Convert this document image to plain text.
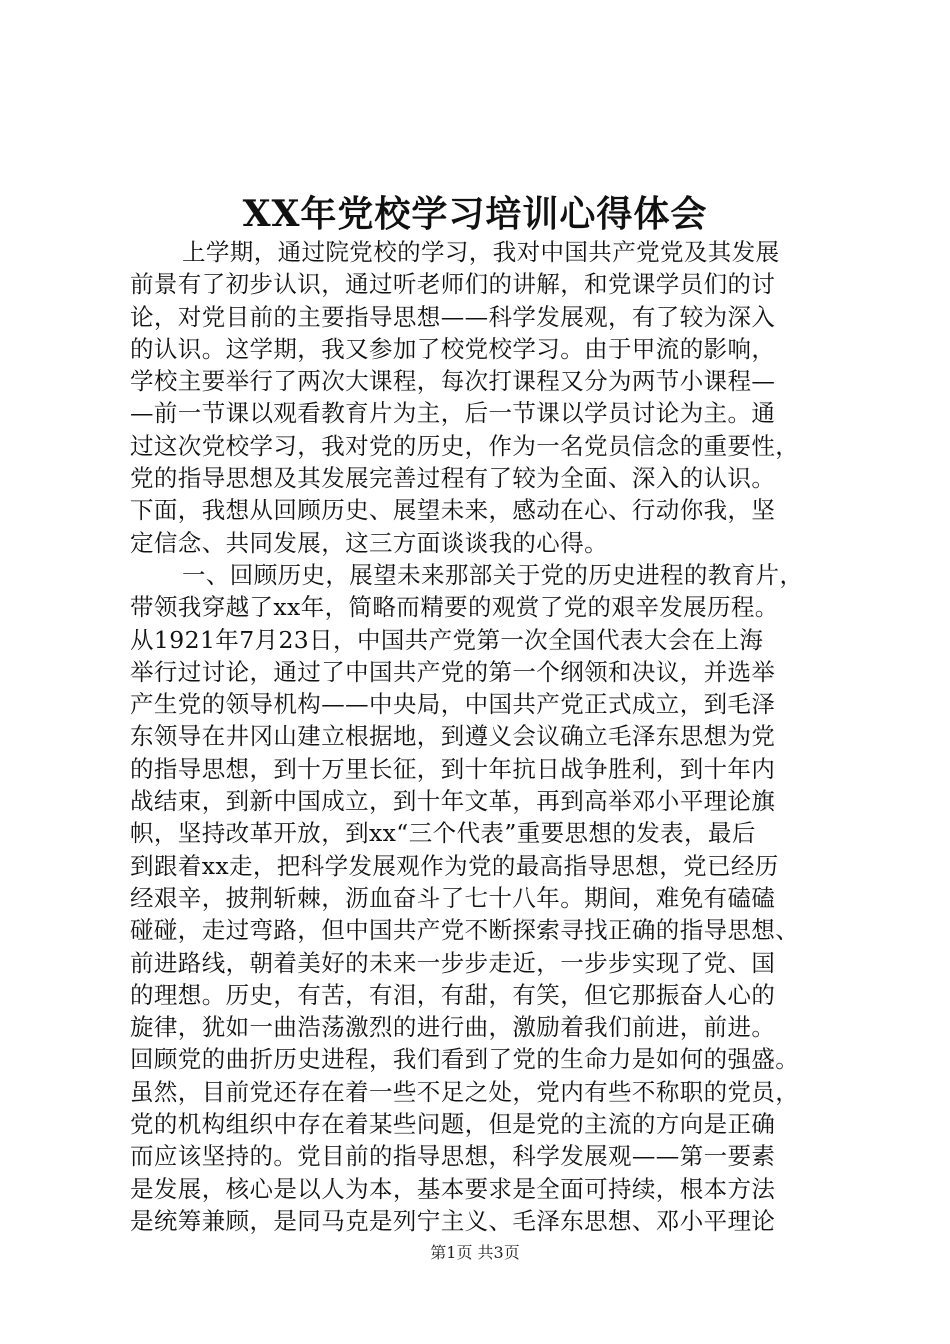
XX年党校学习培训心得体会
上学期，通过院党校的学习，我对中国共产党党及其发展
前景有了初步认识，通过听老师们的讲解，和党课学员们的讨
论，对党目前的主要指导思想——科学发展观，有了较为深入
的认识。这学期，我又参加了校党校学习。由于甲流的影响，
学校主要举行了两次大课程，每次打课程又分为两节小课程—
—前一节课以观看教育片为主，后一节课以学员讨论为主。通
过这次党校学习，我对党的历史，作为一名党员信念的重要性，
党的指导思想及其发展完善过程有了较为全面、深入的认识。
下面，我想从回顾历史、展望未来，感动在心、行动你我，坚
定信念、共同发展，这三方面谈谈我的心得。
一、回顾历史，展望未来那部关于党的历史进程的教育片，
带领我穿越了xx年，简略而精要的观赏了党的艰辛发展历程。
从1921年7月23日，中国共产党第一次全国代表大会在上海
举行过讨论，通过了中国共产党的第一个纲领和决议，并选举
产生党的领导机构——中央局，中国共产党正式成立，到毛泽
东领导在井冈山建立根据地，到遵义会议确立毛泽东思想为党
的指导思想，到十万里长征，到十年抗日战争胜利，到十年内
战结束，到新中国成立，到十年文革，再到高举邓小平理论旗
帜，坚持改革开放，到xx“三个代表”重要思想的发表，最后
到跟着xx走，把科学发展观作为党的最高指导思想，党已经历
经艰辛，披荆斩棘，沥血奋斗了七十八年。期间，难免有磕磕
碰碰，走过弯路，但中国共产党不断探索寻找正确的指导思想、
前进路线，朝着美好的未来一步步走近，一步步实现了党、国
的理想。历史，有苦，有泪，有甜，有笑，但它那振奋人心的
旋律，犹如一曲浩荡激烈的进行曲，激励着我们前进，前进。
回顾党的曲折历史进程，我们看到了党的生命力是如何的强盛。
虽然，目前党还存在着一些不足之处，党内有些不称职的党员，
党的机构组织中存在着某些问题，但是党的主流的方向是正确
而应该坚持的。党目前的指导思想，科学发展观——第一要素
是发展，核心是以人为本，基本要求是全面可持续，根本方法
是统筹兼顾，是同马克是列宁主义、毛泽东思想、邓小平理论
第1页 共3页
